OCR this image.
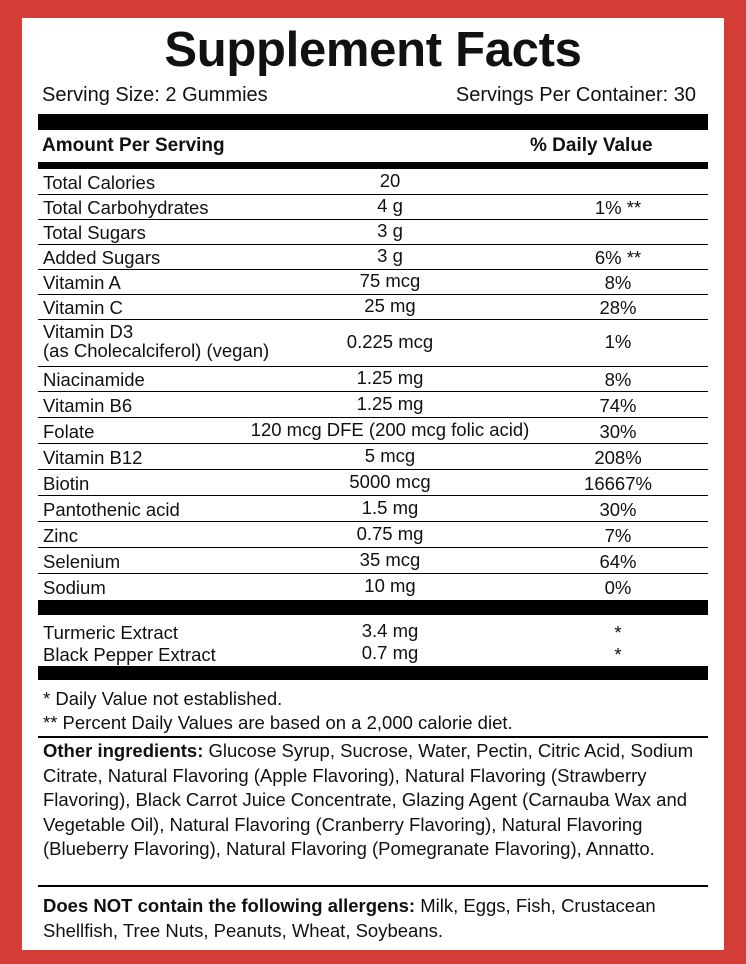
Supplement Facts
Serving Size: 2 Gummies	Servings Per Container: 30
Amount Per Serving	% Daily Value
Total Calories	20
Total Carbohydrates	4 g	1% **
Total Sugars	3 g
Added Sugars	3 g	6% **
Vitamin A	75 mcg	8%
Vitamin C	25 mg	28%
Vitamin D3
(as Cholecalciferol) (vegan)	0.225 mcg	1%
Niacinamide	1.25 mg	8%
Vitamin B6	1.25 mg	74%
Folate	120 mcg DFE (200 mcg folic acid)	30%
Vitamin B12	5 mcg	208%
Biotin	5000 mcg	16667%
Pantothenic acid	1.5 mg	30%
Zinc	0.75 mg	7%
Selenium	35 mcg	64%
Sodium	10 mg	0%
Turmeric Extract	3.4 mg	*
Black Pepper Extract	0.7 mg	*
* Daily Value not established.
** Percent Daily Values are based on a 2,000 calorie diet.
Other ingredients: Glucose Syrup, Sucrose, Water, Pectin, Citric Acid, Sodium Citrate, Natural Flavoring (Apple Flavoring), Natural Flavoring (Strawberry Flavoring), Black Carrot Juice Concentrate, Glazing Agent (Carnauba Wax and Vegetable Oil), Natural Flavoring (Cranberry Flavoring), Natural Flavoring (Blueberry Flavoring), Natural Flavoring (Pomegranate Flavoring), Annatto.
Does NOT contain the following allergens: Milk, Eggs, Fish, Crustacean Shellfish, Tree Nuts, Peanuts, Wheat, Soybeans.
